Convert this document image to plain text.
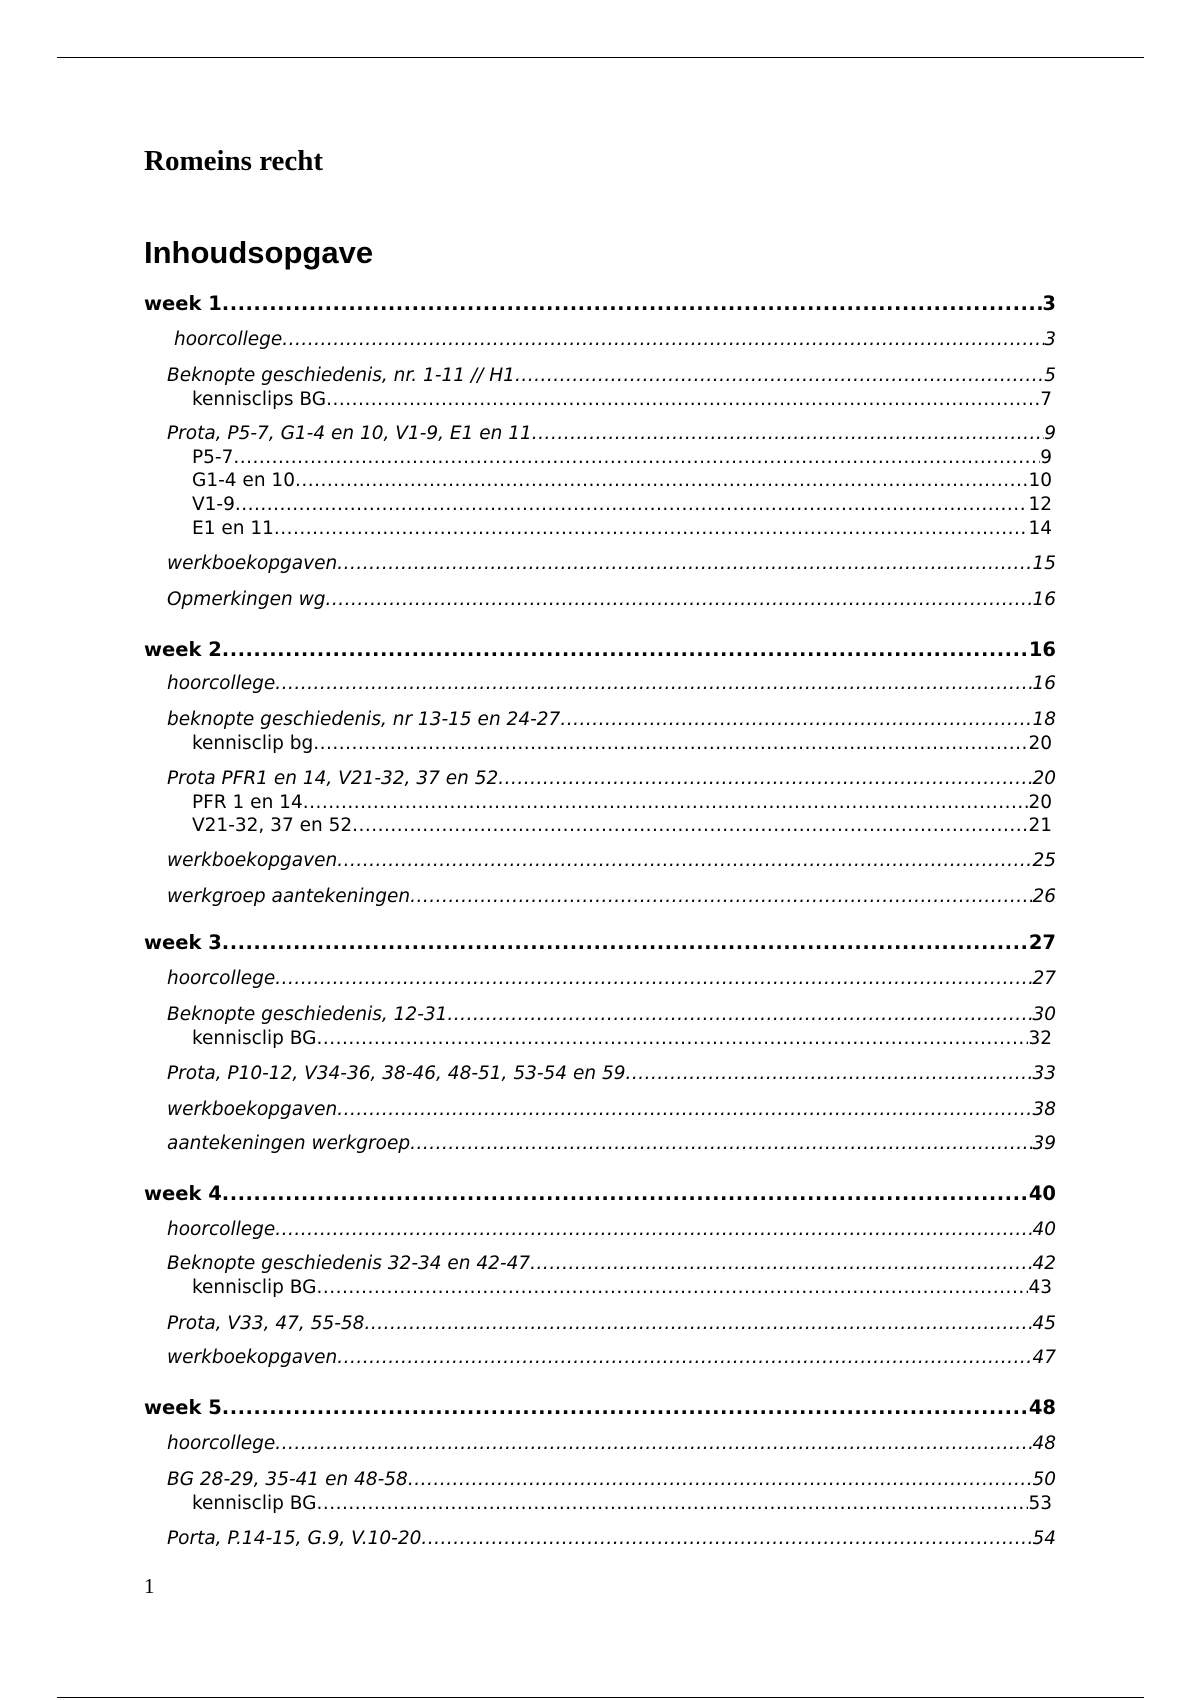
Romeins recht
Inhoudsopgave
week 1 .....	3
hoorcollege .....	3
Beknopte geschiedenis, nr. 1-11 // H1 .....	5
kennisclips BG .....	7
Prota, P5-7, G1-4 en 10, V1-9, E1 en 11 .....	9
P5-7 .....	9
G1-4 en 10 .....	10
V1-9 .....	12
E1 en 11 .....	14
werkboekopgaven .....	15
Opmerkingen wg .....	16
week 2 .....	16
hoorcollege .....	16
beknopte geschiedenis, nr 13-15 en 24-27 .....	18
kennisclip bg .....	20
Prota PFR1 en 14, V21-32, 37 en 52 .....	20
PFR 1 en 14 .....	20
V21-32, 37 en 52 .....	21
werkboekopgaven .....	25
werkgroep aantekeningen .....	26
week 3 .....	27
hoorcollege .....	27
Beknopte geschiedenis, 12-31 .....	30
kennisclip BG .....	32
Prota, P10-12, V34-36, 38-46, 48-51, 53-54 en 59 .....	33
werkboekopgaven .....	38
aantekeningen werkgroep .....	39
week 4 .....	40
hoorcollege .....	40
Beknopte geschiedenis 32-34 en 42-47 .....	42
kennisclip BG .....	43
Prota, V33, 47, 55-58 .....	45
werkboekopgaven .....	47
week 5 .....	48
hoorcollege .....	48
BG 28-29, 35-41 en 48-58 .....	50
kennisclip BG .....	53
Porta, P.14-15, G.9, V.10-20 .....	54
1
